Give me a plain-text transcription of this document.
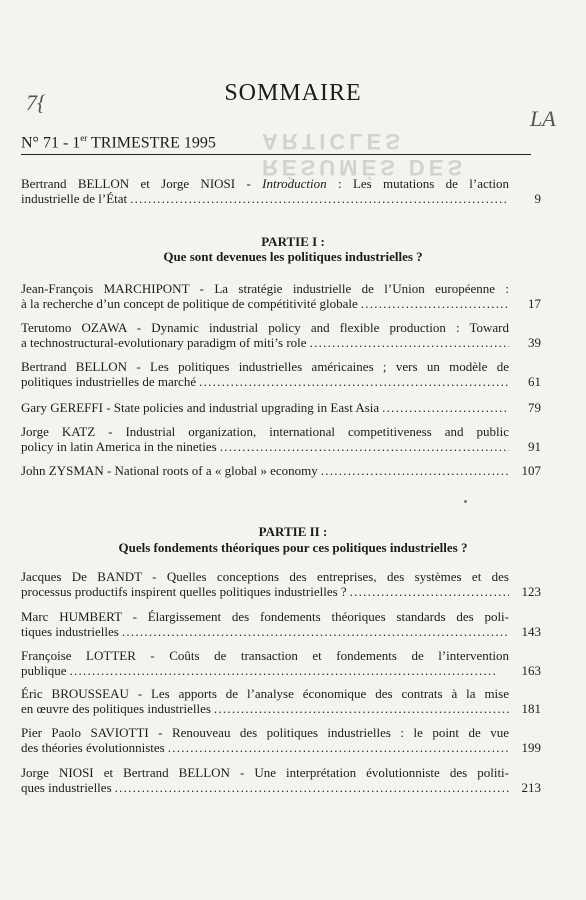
RÉSUMÉS DES ARTICLES
7{
LA
SOMMAIRE
N° 71 - 1er TRIMESTRE 1995
Bertrand BELLON et Jorge NIOSI - Introduction : Les mutations de l’action
industrielle de l’État . . .	9
PARTIE I :
Que sont devenues les politiques industrielles ?
Jean-François MARCHIPONT - La stratégie industrielle de l’Union européenne :
à la recherche d’un concept de politique de compétitivité globale . . .	17
Terutomo OZAWA - Dynamic industrial policy and flexible production : Toward
a technostructural-evolutionary paradigm of miti’s role . . .	39
Bertrand BELLON - Les politiques industrielles américaines ; vers un modèle de
politiques industrielles de marché . . .	61
Gary GEREFFI - State policies and industrial upgrading in East Asia . . .	79
Jorge KATZ - Industrial organization, international competitiveness and public
policy in latin America in the nineties . . .	91
John ZYSMAN - National roots of a « global » economy . . .	107
PARTIE II :
Quels fondements théoriques pour ces politiques industrielles ?
Jacques De BANDT - Quelles conceptions des entreprises, des systèmes et des
processus productifs inspirent quelles politiques industrielles ? . . .	123
Marc HUMBERT - Élargissement des fondements théoriques standards des poli-
tiques industrielles . . .	143
Françoise LOTTER - Coûts de transaction et fondements de l’intervention
publique . . .	163
Éric BROUSSEAU - Les apports de l’analyse économique des contrats à la mise
en œuvre des politiques industrielles . . .	181
Pier Paolo SAVIOTTI - Renouveau des politiques industrielles : le point de vue
des théories évolutionnistes . . .	199
Jorge NIOSI et Bertrand BELLON - Une interprétation évolutionniste des politi-
ques industrielles . . .	213
